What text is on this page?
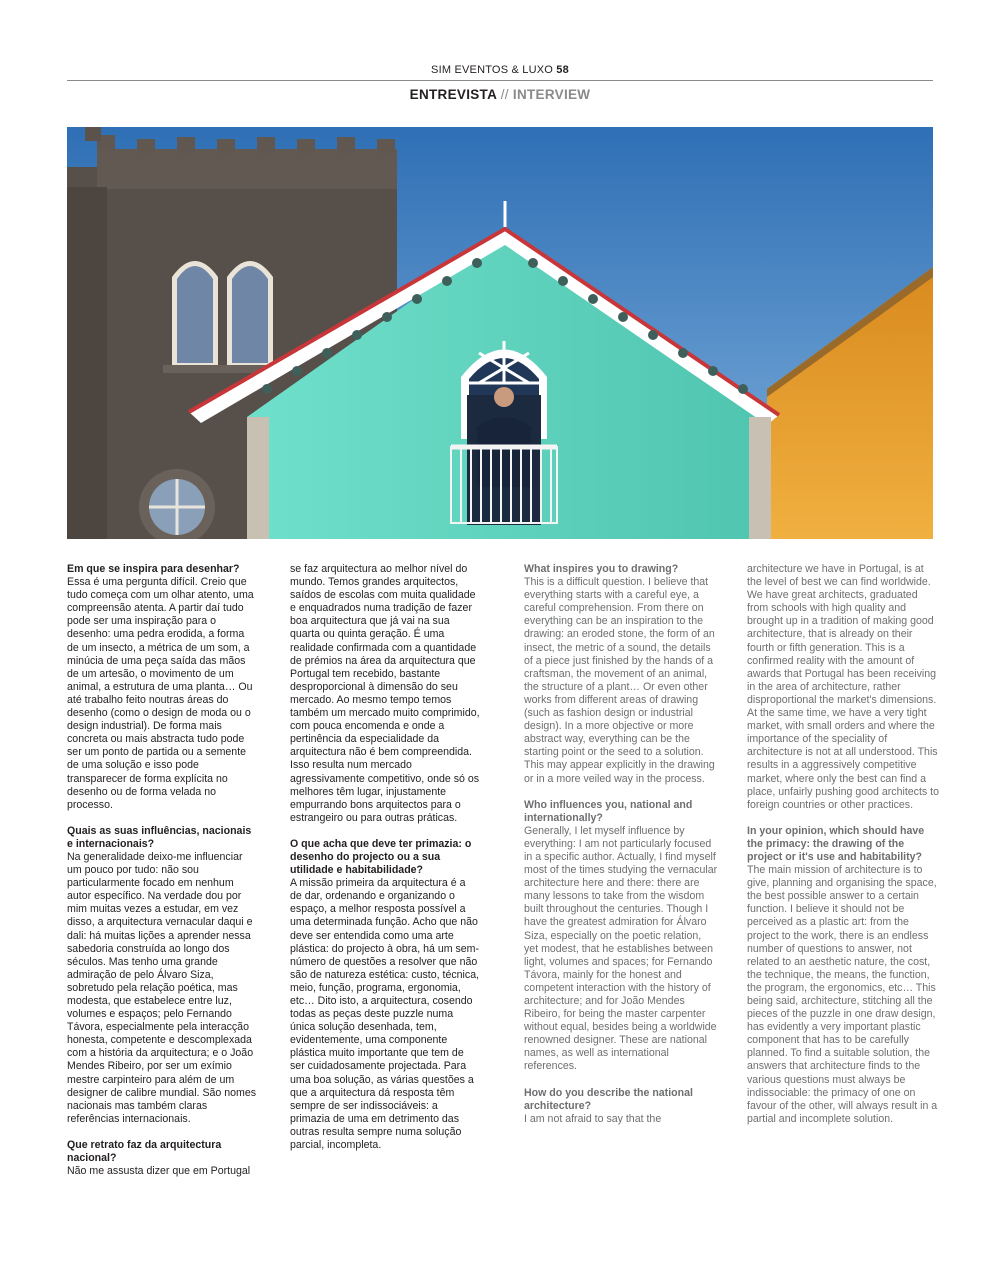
SIM EVENTOS & LUXO 58
ENTREVISTA // INTERVIEW

Em que se inspira para desenhar?

Essa é uma pergunta difícil. Creio que tudo começa com um olhar atento, uma compreensão atenta. A partir daí tudo pode ser uma inspiração para o desenho: uma pedra erodida, a forma de um insecto, a métrica de um som, a minúcia de uma peça saída das mãos de um artesão, o movimento de um animal, a estrutura de uma planta… Ou até trabalho feito noutras áreas do desenho (como o design de moda ou o design industrial). De forma mais concreta ou mais abstracta tudo pode ser um ponto de partida ou a semente de uma solução e isso pode transparecer de forma explícita no desenho ou de forma velada no processo.

Quais as suas influências, nacionais e internacionais?

Na generalidade deixo-me influenciar um pouco por tudo: não sou particularmente focado em nenhum autor específico. Na verdade dou por mim muitas vezes a estudar, em vez disso, a arquitectura vernacular daqui e dali: há muitas lições a aprender nessa sabedoria construída ao longo dos séculos. Mas tenho uma grande admiração de pelo Álvaro Siza, sobretudo pela relação poética, mas modesta, que estabelece entre luz, volumes e espaços; pelo Fernando Távora, especialmente pela interacção honesta, competente e descomplexada com a história da arquitectura; e o João Mendes Ribeiro, por ser um exímio mestre carpinteiro para além de um designer de calibre mundial. São nomes nacionais mas também claras referências internacionais.

Que retrato faz da arquitectura nacional?

Não me assusta dizer que em Portugal

se faz arquitectura ao melhor nível do mundo. Temos grandes arquitectos, saídos de escolas com muita qualidade e enquadrados numa tradição de fazer boa arquitectura que já vai na sua quarta ou quinta geração. É uma realidade confirmada com a quantidade de prémios na área da arquitectura que Portugal tem recebido, bastante desproporcional à dimensão do seu mercado. Ao mesmo tempo temos também um mercado muito comprimido, com pouca encomenda e onde a pertinência da especialidade da arquitectura não é bem compreendida. Isso resulta num mercado agressivamente competitivo, onde só os melhores têm lugar, injustamente empurrando bons arquitectos para o estrangeiro ou para outras práticas.

O que acha que deve ter primazia: o desenho do projecto ou a sua utilidade e habitabilidade?

A missão primeira da arquitectura é a de dar, ordenando e organizando o espaço, a melhor resposta possível a uma determinada função. Acho que não deve ser entendida como uma arte plástica: do projecto à obra, há um sem-número de questões a resolver que não são de natureza estética: custo, técnica, meio, função, programa, ergonomia, etc… Dito isto, a arquitectura, cosendo todas as peças deste puzzle numa única solução desenhada, tem, evidentemente, uma componente plástica muito importante que tem de ser cuidadosamente projectada. Para uma boa solução, as várias questões a que a arquitectura dá resposta têm sempre de ser indissociáveis: a primazia de uma em detrimento das outras resulta sempre numa solução parcial, incompleta.

What inspires you to drawing?

This is a difficult question. I believe that everything starts with a careful eye, a careful comprehension. From there on everything can be an inspiration to the drawing: an eroded stone, the form of an insect, the metric of a sound, the details of a piece just finished by the hands of a craftsman, the movement of an animal, the structure of a plant… Or even other works from different areas of drawing (such as fashion design or industrial design). In a more objective or more abstract way, everything can be the starting point or the seed to a solution. This may appear explicitly in the drawing or in a more veiled way in the process.

Who influences you, national and internationally?

Generally, I let myself influence by everything: I am not particularly focused in a specific author. Actually, I find myself most of the times studying the vernacular architecture here and there: there are many lessons to take from the wisdom built throughout the centuries. Though I have the greatest admiration for Álvaro Siza, especially on the poetic relation, yet modest, that he establishes between light, volumes and spaces; for Fernando Távora, mainly for the honest and competent interaction with the history of architecture; and for João Mendes Ribeiro, for being the master carpenter without equal, besides being a worldwide renowned designer. These are national names, as well as international references.

How do you describe the national architecture?

I am not afraid to say that the

architecture we have in Portugal, is at the level of best we can find worldwide. We have great architects, graduated from schools with high quality and brought up in a tradition of making good architecture, that is already on their fourth or fifth generation. This is a confirmed reality with the amount of awards that Portugal has been receiving in the area of architecture, rather disproportional the market's dimensions. At the same time, we have a very tight market, with small orders and where the importance of the speciality of architecture is not at all understood. This results in a aggressively competitive market, where only the best can find a place, unfairly pushing good architects to foreign countries or other practices.

In your opinion, which should have the primacy: the drawing of the project or it's use and habitability?

The main mission of architecture is to give, planning and organising the space, the best possible answer to a certain function. I believe it should not be perceived as a plastic art: from the project to the work, there is an endless number of questions to answer, not related to an aesthetic nature, the cost, the technique, the means, the function, the program, the ergonomics, etc… This being said, architecture, stitching all the pieces of the puzzle in one draw design, has evidently a very important plastic component that has to be carefully planned. To find a suitable solution, the answers that architecture finds to the various questions must always be indissociable: the primacy of one on favour of the other, will always result in a partial and incomplete solution.
